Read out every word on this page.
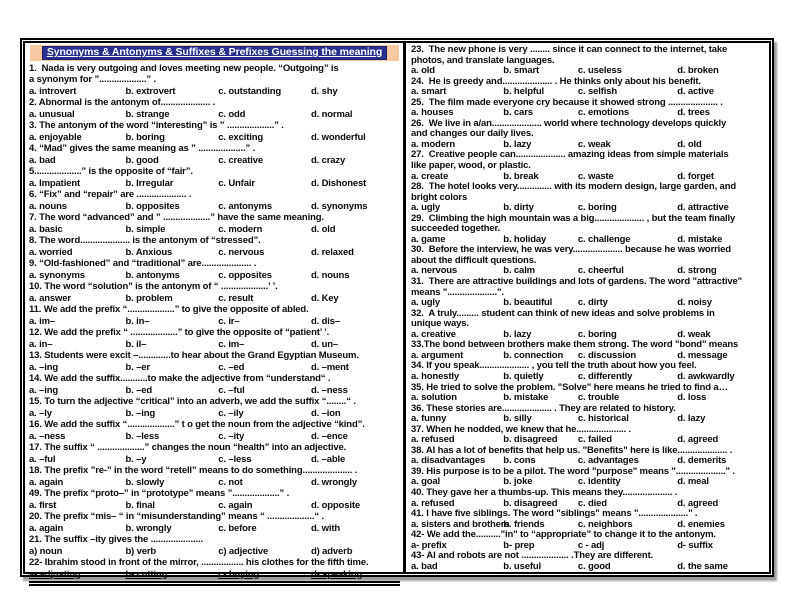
Synonyms & Antonyms & Suffixes & Prefixes Guessing the meaning
1.  Nada is very outgoing and loves meeting new people. “Outgoing” is
a synonym for ”...................” .
a. introvert	b. extrovert	c. outstanding	d. shy
2. Abnormal is the antonym of.................... .
a. unusual	b. strange	c. odd	d. normal
3. The antonym of the word “interesting” is ” ...................” .
a. enjoyable	b. boring	c. exciting	d. wonderful
4. “Mad” gives the same meaning as ” ...................” .
a. bad	b. good	c. creative	d. crazy
5...................” is the opposite of “fair”.
a. Impatient	b. Irregular	c. Unfair	d. Dishonest
6. “Fix” and “repair” are .................... .
a. nouns	b. opposites	c. antonyms	d. synonyms
7. The word “advanced” and ” ...................” have the same meaning.
a. basic	b. simple	c. modern	d. old
8. The word.................... is the antonym of “stressed”.
a. worried	b. Anxious	c. nervous	d. relaxed
9. “Old-fashioned” and “traditional” are.................... .
a. synonyms	b. antonyms	c. opposites	d. nouns
10. The word “solution” is the antonym of “ ...................’ ’.
a. answer	b. problem	c. result	d. Key
11. We add the prefix “...................” to give the opposite of abled.
a. im–	b. in–	c. ir–	d. dis–
12. We add the prefix “ ...................” to give the opposite of “patient’ ’.
a. in–	b. il–	c. im–	d. un–
13. Students were excit –.............to hear about the Grand Egyptian Museum.
a. –ing	b. –er	c. –ed	d. –ment
14. We add the suffix...........to make the adjective from “understand“ .
a. –ing	b. –ed	c. –ful	d. –ness
15. To turn the adjective “critical” into an adverb, we add the suffix “........“ .
a. –ly	b. –ing	c. –ily	d. –ion
16. We add the suffix “...................” t o get the noun from the adjective “kind”.
a. –ness	b. –less	c. –ity	d. –ence
17. The suffix “ ...................” changes the noun “health” into an adjective.
a. –ful	b. –y	c. –less	d. –able
18. The prefix ”re-” in the word “retell” means to do something.................... .
a. again	b. slowly	c. not	d. wrongly
49. The prefix “proto–” in “prototype” means ”...................” .
a. first	b. final	c. again	d. opposite
20. The prefix “mis– “ in “misunderstanding” means “ ...................“ .
a. again	b. wrongly	c. before	d. with
21. The suffix –ity gives the .....................
a) noun	b) verb	c) adjective	d) adverb
22- Ibrahim stood in front of the mirror, ................. his clothes for the fifth time.
a- adjusting	b- cutting	c- buying	d- speaking
23.  The new phone is very ........ since it can connect to the internet, take
photos, and translate languages.
a. old	b. smart	c. useless	d. broken
24.  He is greedy and.................... . He thinks only about his benefit.
a. smart	b. helpful	c. selfish	d. active
25.  The film made everyone cry because it showed strong .................... .
a. houses	b. cars	c. emotions	d. trees
26.  We live in a/an.................... world where technology develops quickly
and changes our daily lives.
a. modern	b. lazy	c. weak	d. old
27.  Creative people can.................... amazing ideas from simple materials
like paper, wood, or plastic.
a. create	b. break	c. waste	d. forget
28.  The hotel looks very.............. with its modern design, large garden, and
bright colors
a. ugly	b. dirty	c. boring	d. attractive
29.  Climbing the high mountain was a big.................... , but the team finally
succeeded together.
a. game	b. holiday	c. challenge	d. mistake
30.  Before the interview, he was very.................... because he was worried
about the difficult questions.
a. nervous	b. calm	c. cheerful	d. strong
31.  There are attractive buildings and lots of gardens. The word "attractive"
means "....................".
a. ugly	b. beautiful	c. dirty	d. noisy
32.  A truly......... student can think of new ideas and solve problems in
unique ways.
a. creative	b. lazy	c. boring	d. weak
33.The bond between brothers make them strong. The word "bond" means
a. argument	b. connection	c. discussion	d. message
34. If you speak.................... , you tell the truth about how you feel.
a. honestly	b. quietly	c. differently	d. awkwardly
35. He tried to solve the problem. "Solve" here means he tried to find a…
a. solution	b. mistake	c. trouble	d. loss
36. These stories are.................... . They are related to history.
a. funny	b. silly	c. historical	d. lazy
37. When he nodded, we knew that he.................... .
a. refused	b. disagreed	c. failed	d. agreed
38. AI has a lot of benefits that help us. "Benefits" here is like.................... .
a. disadvantages	b. cons	c. advantages	d. demerits
39. His purpose is to be a pilot. The word "purpose" means "...................." .
a. goal	b. joke	c. identity	d. meal
40. They gave her a thumbs-up. This means they.................... .
a. refused	b. disagreed	c. died	d. agreed
41. I have five siblings. The word "siblings" means "...................." .
a. sisters and brothers
b. friends	c. neighbors	d. enemies
42- We add the.........."in" to “appropriate” to change it to the antonym.
a- prefix	b- prep	c - adj	d- suffix
43- AI and robots are not ................... .They are different.
a. bad	b. useful	c. good	d. the same
